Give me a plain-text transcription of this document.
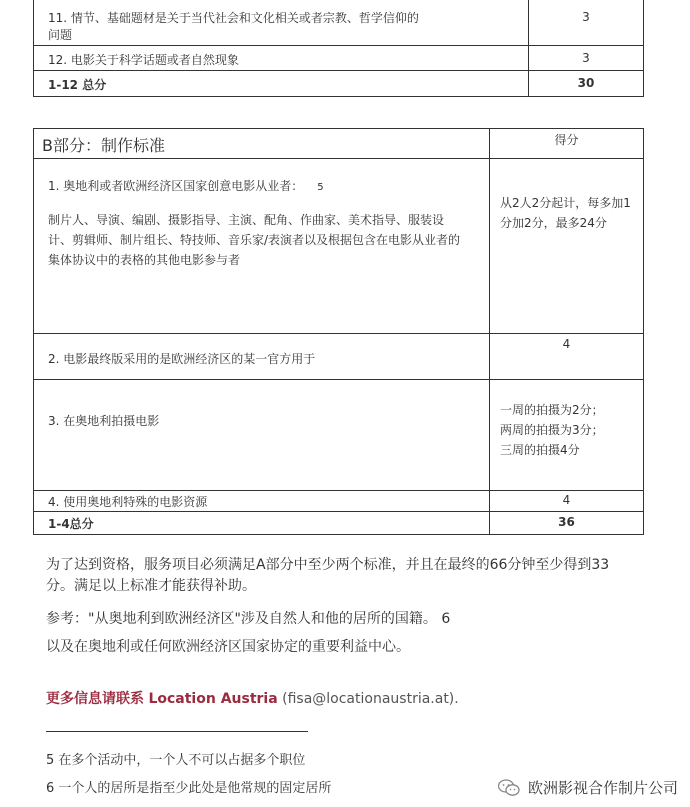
11. 情节、基础题材是关于当代社会和文化相关或者宗教、哲学信仰的
问题	3

12. 电影关于科学话题或者自然现象	3

1-12 总分	30
B部分：制作标准	得分

1. 奥地利或者欧洲经济区国家创意电影从业者： 5

制片人、导演、编剧、摄影指导、主演、配角、作曲家、美术指导、服装设计、剪辑师、制片组长、特技师、音乐家/表演者以及根据包含在电影从业者的集体协议中的表格的其他电影参与者	从2人2分起计，每多加1分加2分，最多24分

2. 电影最终版采用的是欧洲经济区的某一官方用于	4

3. 在奥地利拍摄电影	一周的拍摄为2分；
两周的拍摄为3分；
三周的拍摄4分

4. 使用奥地利特殊的电影资源	4

1-4总分	36

为了达到资格，服务项目必须满足A部分中至少两个标准，并且在最终的66分钟至少得到33分。满足以上标准才能获得补助。

参考："从奥地利到欧洲经济区"涉及自然人和他的居所的国籍。 6

以及在奥地利或任何欧洲经济区国家协定的重要利益中心。

更多信息请联系 Location Austria (fisa@locationaustria.at).
5 在多个活动中，一个人不可以占据多个职位
6 一个人的居所是指至少此处是他常规的固定居所	欧洲影视合作制片公司
